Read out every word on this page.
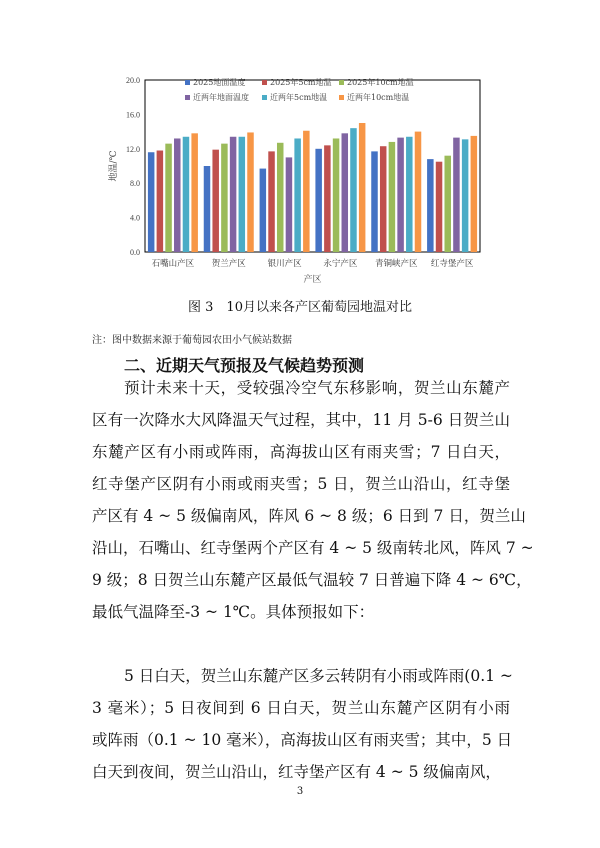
0.0
4.0
8.0
12.0
16.0
20.0
地温/℃
石嘴山产区 贺兰产区	银川产区	永宁产区 青铜峡产区 红寺堡产区
产区
2025地面温度	2025年5cm地温 2025年10cm地温
近两年地面温度	近两年5cm地温 近两年10cm地温
图 3　10月以来各产区葡萄园地温对比
注：图中数据来源于葡萄园农田小气候站数据
二、近期天气预报及气候趋势预测
预计未来十天，受较强冷空气东移影响，贺兰山东麓产
区有一次降水大风降温天气过程，其中，11 月 5-6 日贺兰山
东麓产区有小雨或阵雨，高海拔山区有雨夹雪；7 日白天，
红寺堡产区阴有小雨或雨夹雪；5 日，贺兰山沿山，红寺堡
产区有 4 ~ 5 级偏南风，阵风 6 ~ 8 级；6 日到 7 日，贺兰山
沿山，石嘴山、红寺堡两个产区有 4 ~ 5 级南转北风，阵风 7 ~
9 级；8 日贺兰山东麓产区最低气温较 7 日普遍下降 4 ~ 6℃，
最低气温降至-3 ~ 1℃。具体预报如下：
5 日白天，贺兰山东麓产区多云转阴有小雨或阵雨(0.1 ~
3 毫米）；5 日夜间到 6 日白天，贺兰山东麓产区阴有小雨
或阵雨（0.1 ~ 10 毫米），高海拔山区有雨夹雪；其中，5 日
白天到夜间，贺兰山沿山，红寺堡产区有 4 ~ 5 级偏南风，
3
